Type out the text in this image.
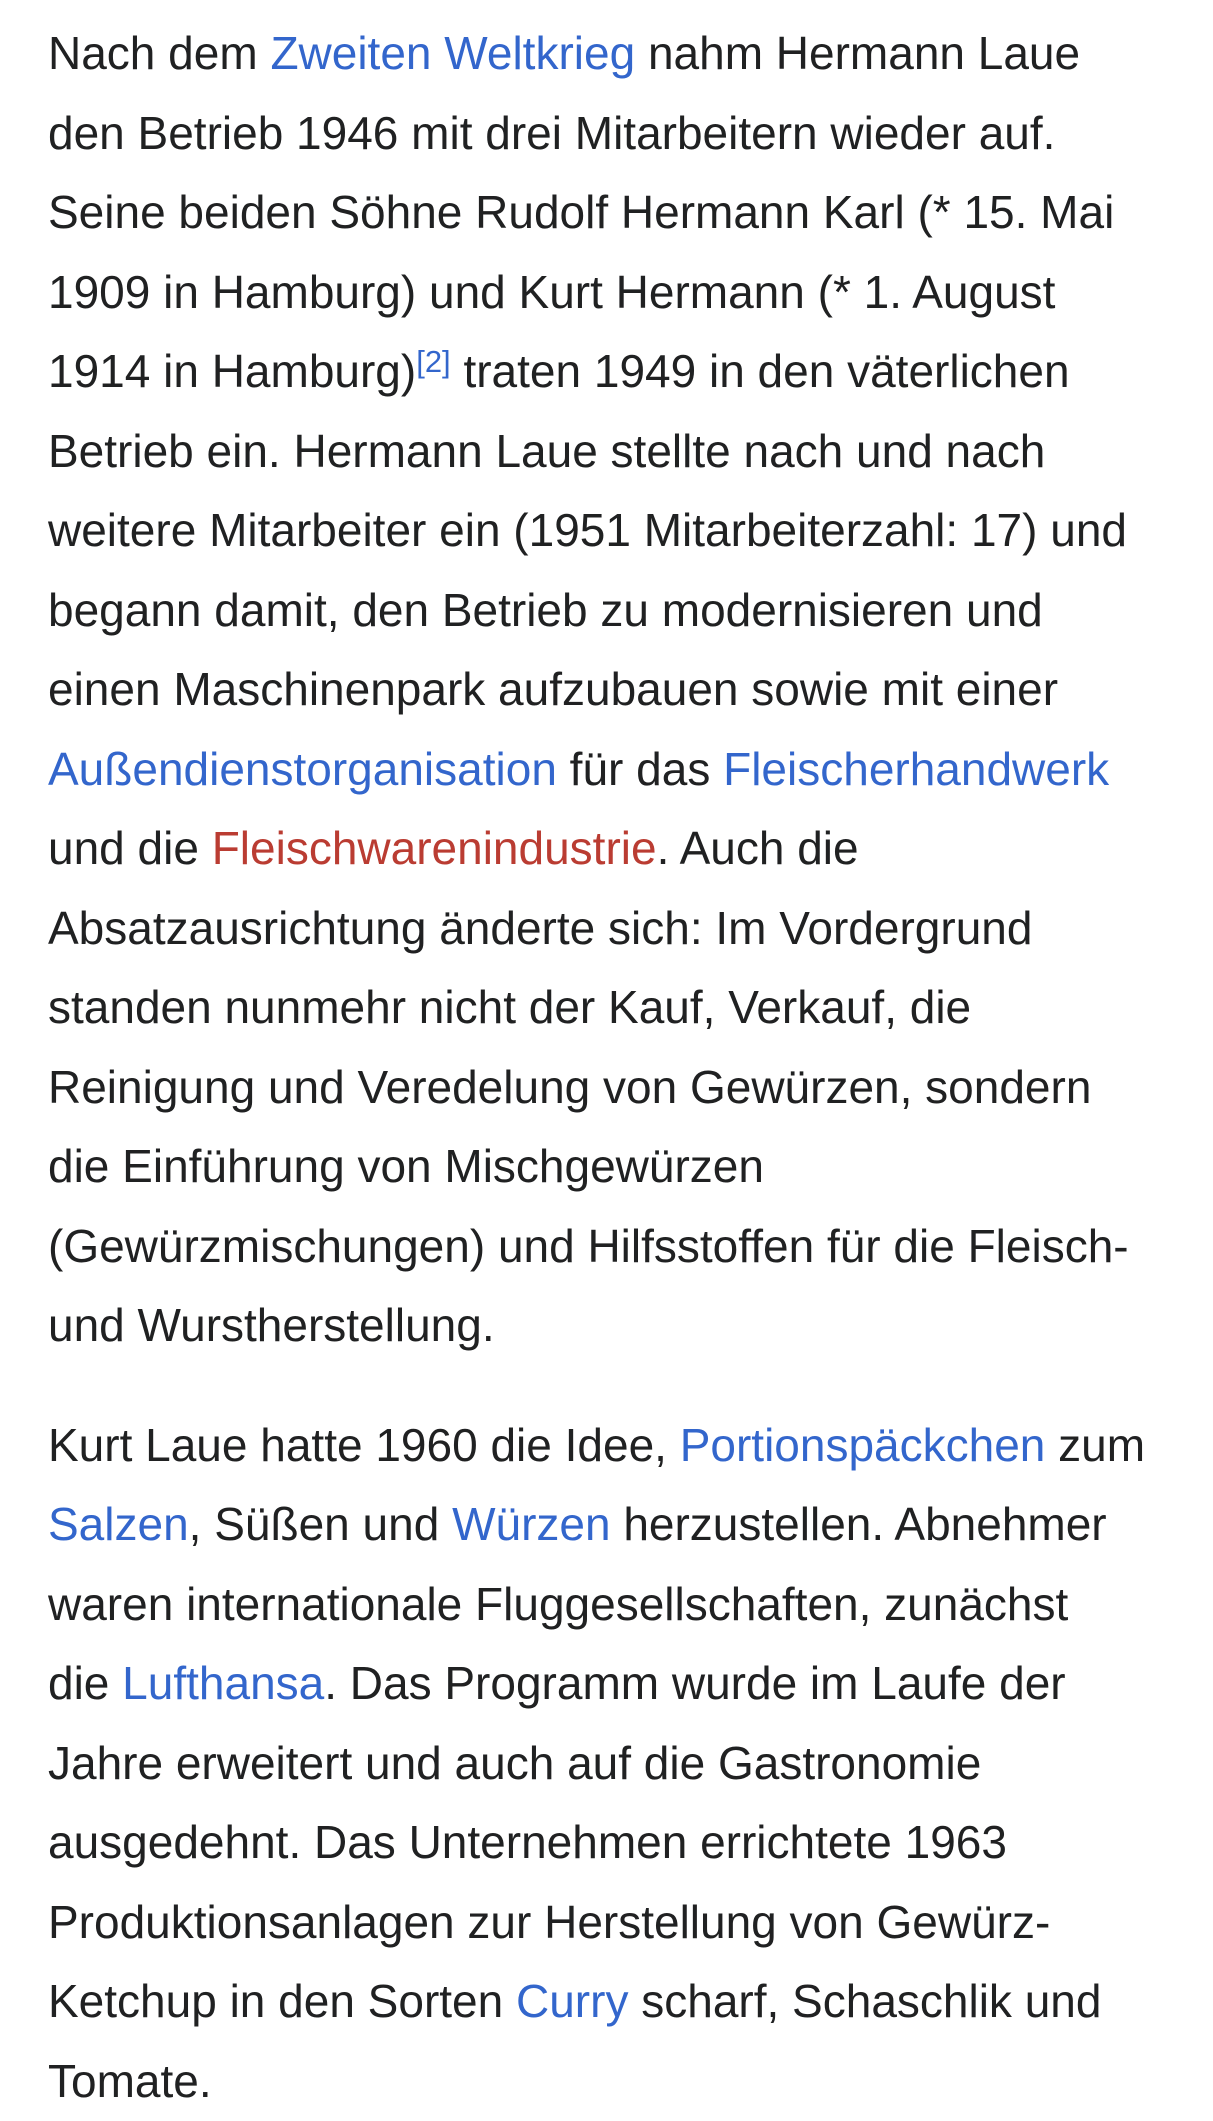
Nach dem Zweiten Weltkrieg nahm Hermann Laue
den Betrieb 1946 mit drei Mitarbeitern wieder auf.
Seine beiden Söhne Rudolf Hermann Karl (* 15. Mai
1909 in Hamburg) und Kurt Hermann (* 1. August
1914 in Hamburg)[2] traten 1949 in den väterlichen
Betrieb ein. Hermann Laue stellte nach und nach
weitere Mitarbeiter ein (1951 Mitarbeiterzahl: 17) und
begann damit, den Betrieb zu modernisieren und
einen Maschinenpark aufzubauen sowie mit einer
Außendienstorganisation für das Fleischerhandwerk
und die Fleischwarenindustrie. Auch die
Absatzausrichtung änderte sich: Im Vordergrund
standen nunmehr nicht der Kauf, Verkauf, die
Reinigung und Veredelung von Gewürzen, sondern
die Einführung von Mischgewürzen
(Gewürzmischungen) und Hilfsstoffen für die Fleisch-
und Wurstherstellung.

Kurt Laue hatte 1960 die Idee, Portionspäckchen zum
Salzen, Süßen und Würzen herzustellen. Abnehmer
waren internationale Fluggesellschaften, zunächst
die Lufthansa. Das Programm wurde im Laufe der
Jahre erweitert und auch auf die Gastronomie
ausgedehnt. Das Unternehmen errichtete 1963
Produktionsanlagen zur Herstellung von Gewürz-
Ketchup in den Sorten Curry scharf, Schaschlik und
Tomate.
